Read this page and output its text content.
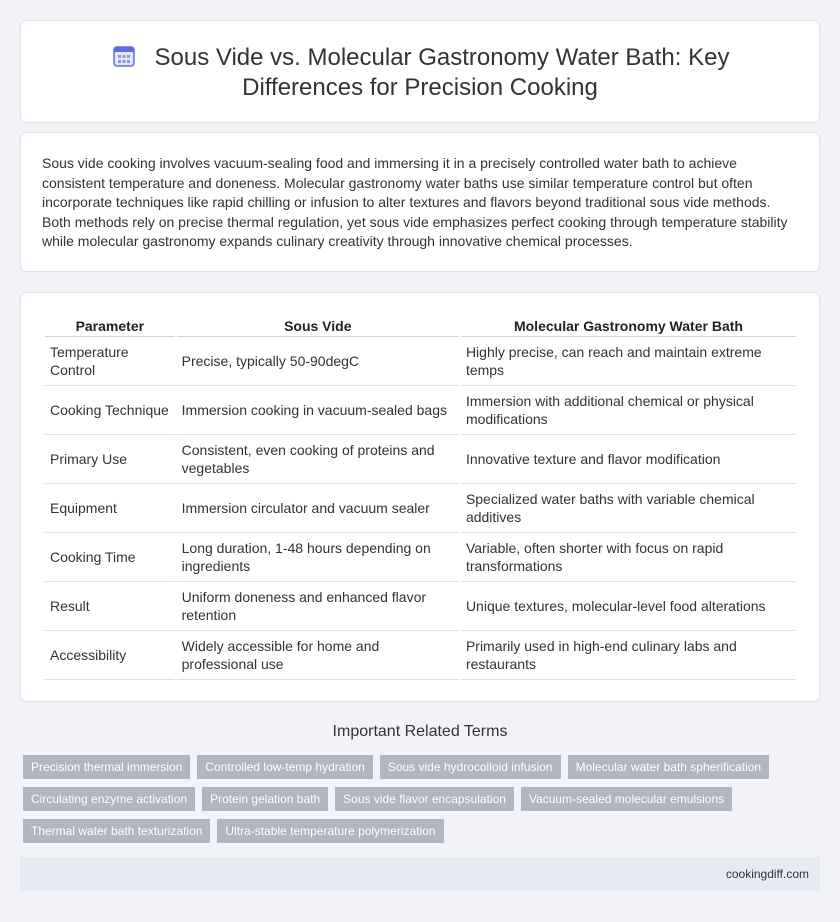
Sous Vide vs. Molecular Gastronomy Water Bath: Key Differences for Precision Cooking

Sous vide cooking involves vacuum-sealing food and immersing it in a precisely controlled water bath to achieve consistent temperature and doneness. Molecular gastronomy water baths use similar temperature control but often incorporate techniques like rapid chilling or infusion to alter textures and flavors beyond traditional sous vide methods. Both methods rely on precise thermal regulation, yet sous vide emphasizes perfect cooking through temperature stability while molecular gastronomy expands culinary creativity through innovative chemical processes.

Parameter	Sous Vide	Molecular Gastronomy Water Bath
Temperature Control	Precise, typically 50-90degC	Highly precise, can reach and maintain extreme temps
Cooking Technique	Immersion cooking in vacuum-sealed bags	Immersion with additional chemical or physical modifications
Primary Use	Consistent, even cooking of proteins and vegetables	Innovative texture and flavor modification
Equipment	Immersion circulator and vacuum sealer	Specialized water baths with variable chemical additives
Cooking Time	Long duration, 1-48 hours depending on ingredients	Variable, often shorter with focus on rapid transformations
Result	Uniform doneness and enhanced flavor retention	Unique textures, molecular-level food alterations
Accessibility	Widely accessible for home and professional use	Primarily used in high-end culinary labs and restaurants
Important Related Terms
Precision thermal immersion	Controlled low-temp hydration	Sous vide hydrocolloid infusion	Molecular water bath spherification
Circulating enzyme activation	Protein gelation bath	Sous vide flavor encapsulation	Vacuum-sealed molecular emulsions
Thermal water bath texturization	Ultra-stable temperature polymerization
cookingdiff.com
